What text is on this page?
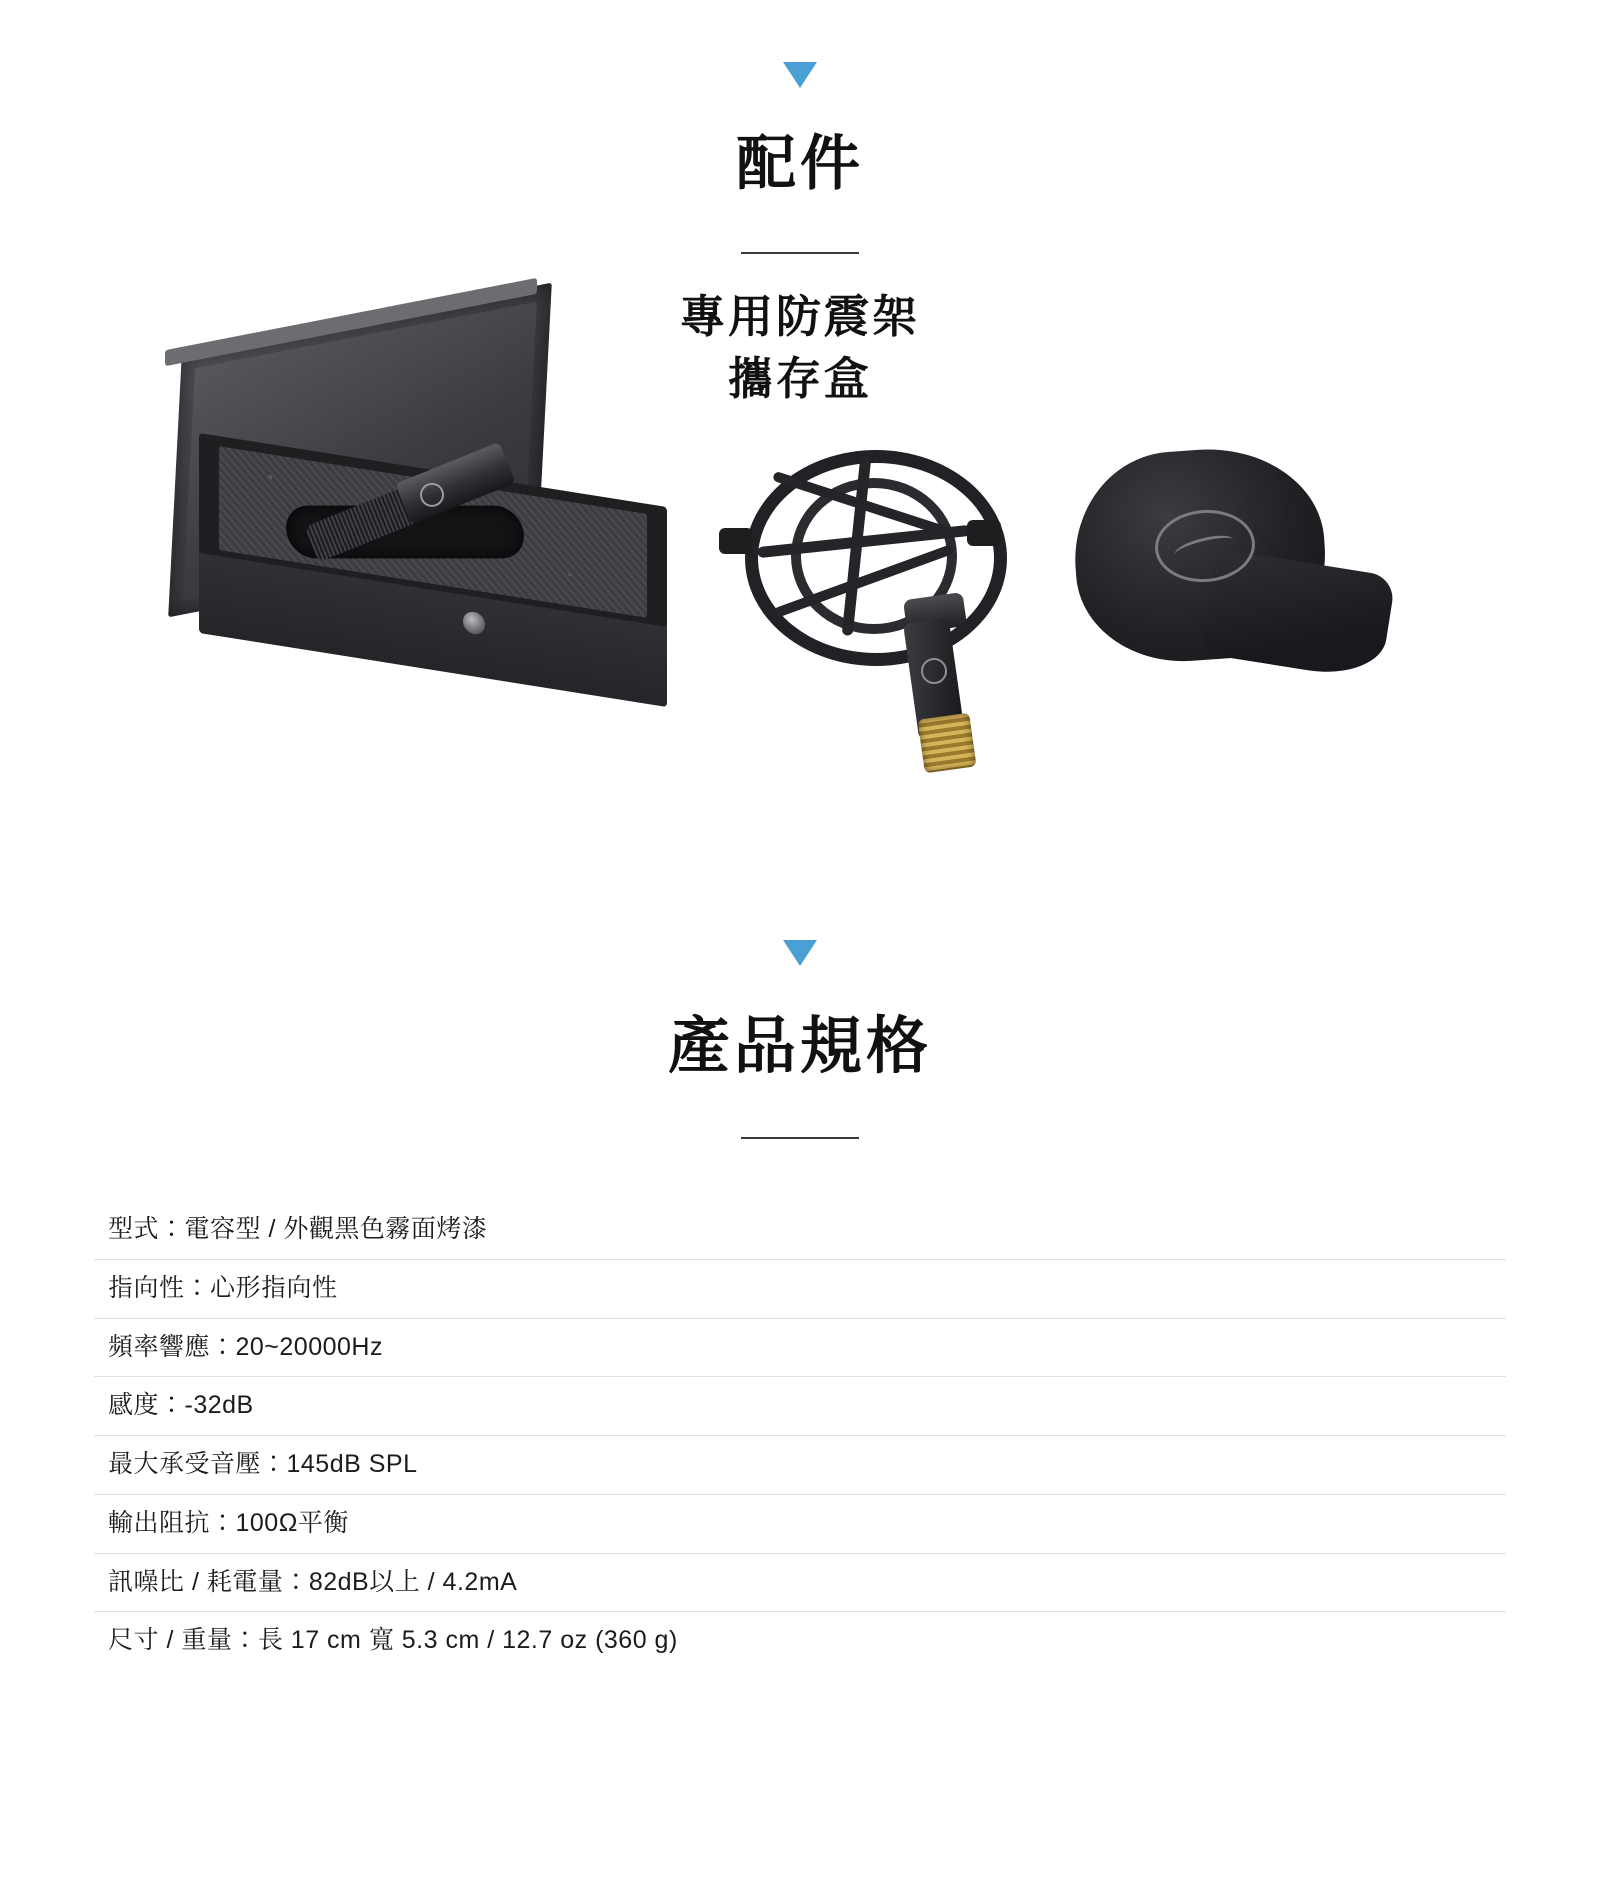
配件
專用防震架
攜存盒
產品規格
型式：電容型 / 外觀黑色霧面烤漆
指向性：心形指向性
頻率響應：20~20000Hz
感度：-32dB
最大承受音壓：145dB SPL
輸出阻抗：100Ω平衡
訊噪比 / 耗電量：82dB以上 / 4.2mA
尺寸 / 重量：長 17 cm 寬 5.3 cm / 12.7 oz (360 g)
